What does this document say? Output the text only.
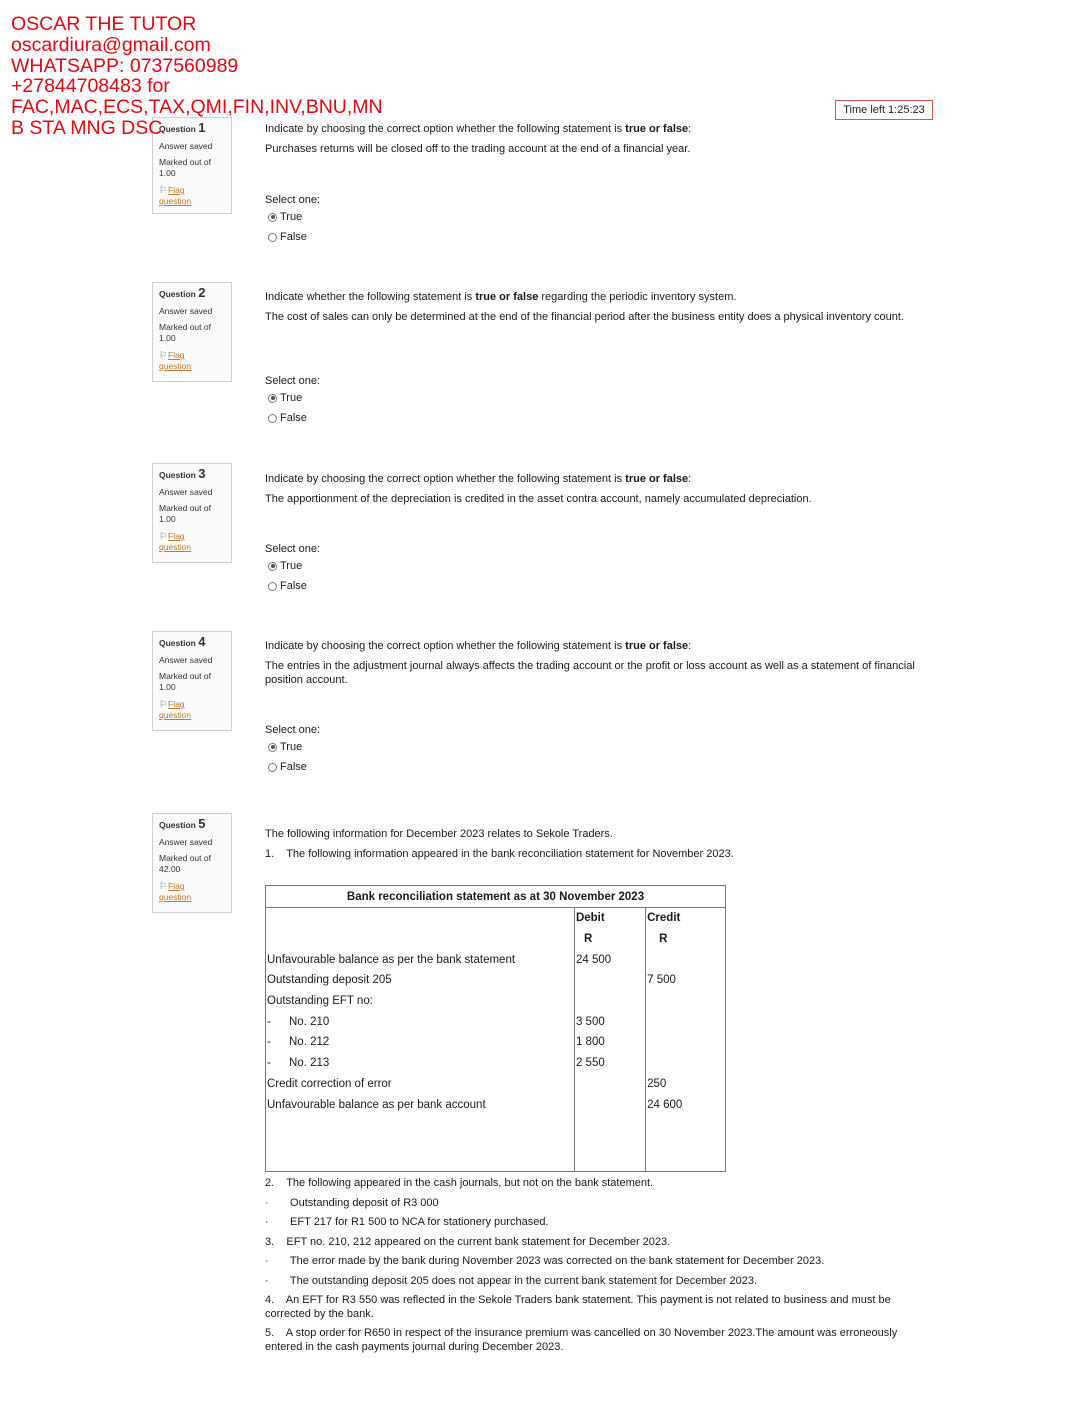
OSCAR THE TUTOR
oscardiura@gmail.com
WHATSAPP: 0737560989
+27844708483 for
FAC,MAC,ECS,TAX,QMI,FIN,INV,BNU,MN
B STA MNG DSC
Time left 1:25:23
Question 1
Answer saved
Marked out of
1.00
⚐Flag
question

Indicate by choosing the correct option whether the following statement is true or false:

Purchases returns will be closed off to the trading account at the end of a financial year.

Select one:
True
False
Question 2
Answer saved
Marked out of
1.00
⚐Flag
question

Indicate whether the following statement is true or false regarding the periodic inventory system.

The cost of sales can only be determined at the end of the financial period after the business entity does a physical inventory count.

Select one:
True
False
Question 3
Answer saved
Marked out of
1.00
⚐Flag
question

Indicate by choosing the correct option whether the following statement is true or false:

The apportionment of the depreciation is credited in the asset contra account, namely accumulated depreciation.

Select one:
True
False
Question 4
Answer saved
Marked out of
1.00
⚐Flag
question

Indicate by choosing the correct option whether the following statement is true or false:

The entries in the adjustment journal always affects the trading account or the profit or loss account as well as a statement of financial position account.

Select one:
True
False
Question 5
Answer saved
Marked out of
42.00
⚐Flag
question

The following information for December 2023 relates to Sekole Traders.

1.    The following information appeared in the bank reconciliation statement for November 2023.

Bank reconciliation statement as at 30 November 2023		
	Debit	Credit
	R	R
Unfavourable balance as per the bank statement	24 500	
Outstanding deposit 205		7 500
Outstanding EFT no:		
- No. 210	3 500	
- No. 212	1 800	
- No. 213	2 550	
Credit correction of error		250
Unfavourable balance as per bank account		24 600

2.    The following appeared in the cash journals, but not on the bank statement.

·       Outstanding deposit of R3 000

·       EFT 217 for R1 500 to NCA for stationery purchased.

3.    EFT no. 210, 212 appeared on the current bank statement for December 2023.

·       The error made by the bank during November 2023 was corrected on the bank statement for December 2023.

·       The outstanding deposit 205 does not appear in the current bank statement for December 2023.

4.    An EFT for R3 550 was reflected in the Sekole Traders bank statement. This payment is not related to business and must be corrected by the bank.

5.    A stop order for R650 in respect of the insurance premium was cancelled on 30 November 2023.The amount was erroneously entered in the cash payments journal during December 2023.
